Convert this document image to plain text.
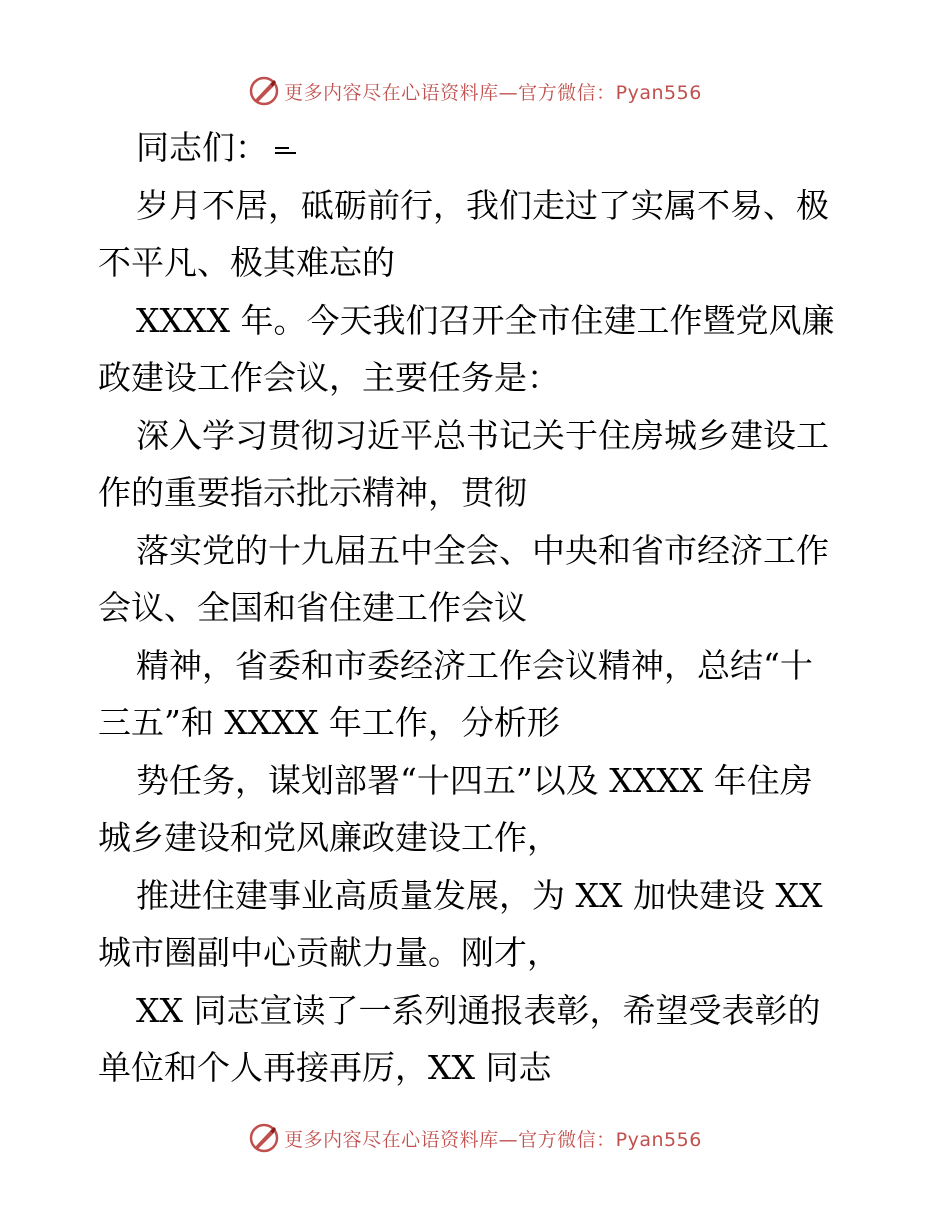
更多内容尽在心语资料库—官方微信：Pyan556
同志们：
岁月不居，砥砺前行，我们走过了实属不易、极
不平凡、极其难忘的
XXXX 年。今天我们召开全市住建工作暨党风廉
政建设工作会议，主要任务是：
深入学习贯彻习近平总书记关于住房城乡建设工
作的重要指示批示精神，贯彻
落实党的十九届五中全会、中央和省市经济工作
会议、全国和省住建工作会议
精神，省委和市委经济工作会议精神，总结“十
三五”和 XXXX 年工作，分析形
势任务，谋划部署“十四五”以及 XXXX 年住房
城乡建设和党风廉政建设工作，
推进住建事业高质量发展，为 XX 加快建设 XX
城市圈副中心贡献力量。刚才，
XX 同志宣读了一系列通报表彰，希望受表彰的
单位和个人再接再厉，XX 同志
更多内容尽在心语资料库—官方微信：Pyan556
